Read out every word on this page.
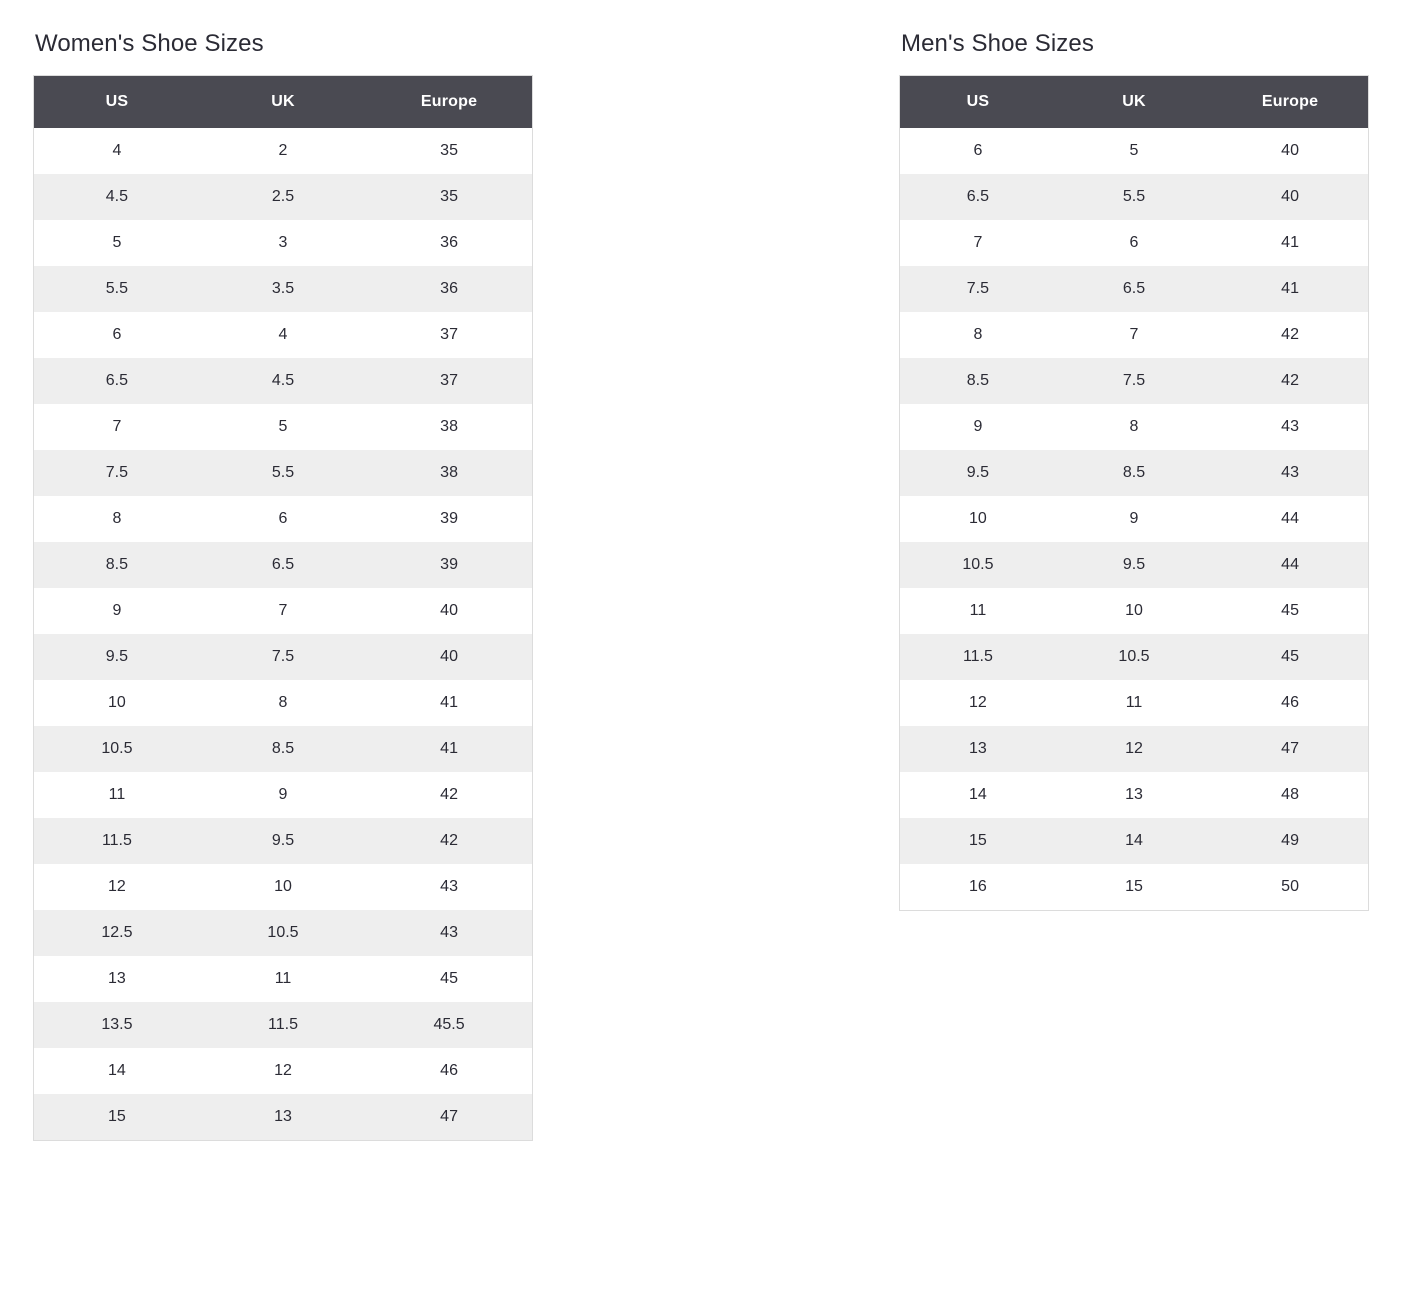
Women's Shoe Sizes
US	UK	Europe
4	2	35
4.5	2.5	35
5	3	36
5.5	3.5	36
6	4	37
6.5	4.5	37
7	5	38
7.5	5.5	38
8	6	39
8.5	6.5	39
9	7	40
9.5	7.5	40
10	8	41
10.5	8.5	41
11	9	42
11.5	9.5	42
12	10	43
12.5	10.5	43
13	11	45
13.5	11.5	45.5
14	12	46
15	13	47
Men's Shoe Sizes
US	UK	Europe
6	5	40
6.5	5.5	40
7	6	41
7.5	6.5	41
8	7	42
8.5	7.5	42
9	8	43
9.5	8.5	43
10	9	44
10.5	9.5	44
11	10	45
11.5	10.5	45
12	11	46
13	12	47
14	13	48
15	14	49
16	15	50
